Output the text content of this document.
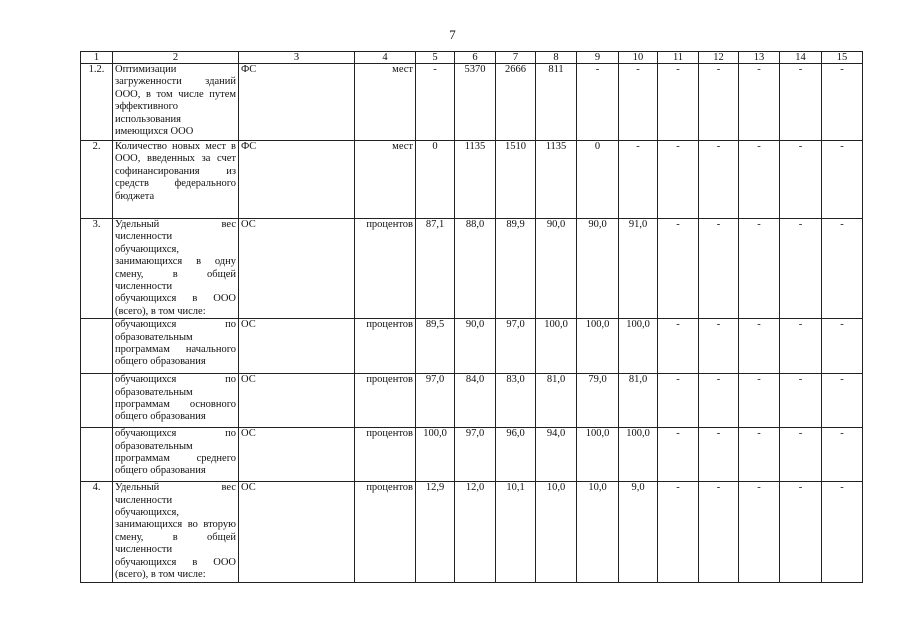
7
1	2	3	4	5	6	7	8	9	10	11	12	13	14	15
1.2.	Оптимизации загруженности зданий ООО, в том числе путем эффективного использования имеющихся ООО	ФС	мест	-	5370	2666	811	-	-	-	-	-	-	-
2.	Количество новых мест в ООО, введенных за счет софинансирования из средств федерального бюджета	ФС	мест	0	1135	1510	1135	0	-	-	-	-	-	-
3.	Удельный вес численности обучающихся, занимающихся в одну смену, в общей численности обучающихся в ООО (всего), в том числе:	ОС	процентов	87,1	88,0	89,9	90,0	90,0	91,0	-	-	-	-	-
	обучающихся по образовательным программам начального общего образования	ОС	процентов	89,5	90,0	97,0	100,0	100,0	100,0	-	-	-	-	-
	обучающихся по образовательным программам основного общего образования	ОС	процентов	97,0	84,0	83,0	81,0	79,0	81,0	-	-	-	-	-
	обучающихся по образовательным программам среднего общего образования	ОС	процентов	100,0	97,0	96,0	94,0	100,0	100,0	-	-	-	-	-
4.	Удельный вес численности обучающихся, занимающихся во вторую смену, в общей численности обучающихся в ООО (всего), в том числе:	ОС	процентов	12,9	12,0	10,1	10,0	10,0	9,0	-	-	-	-	-
